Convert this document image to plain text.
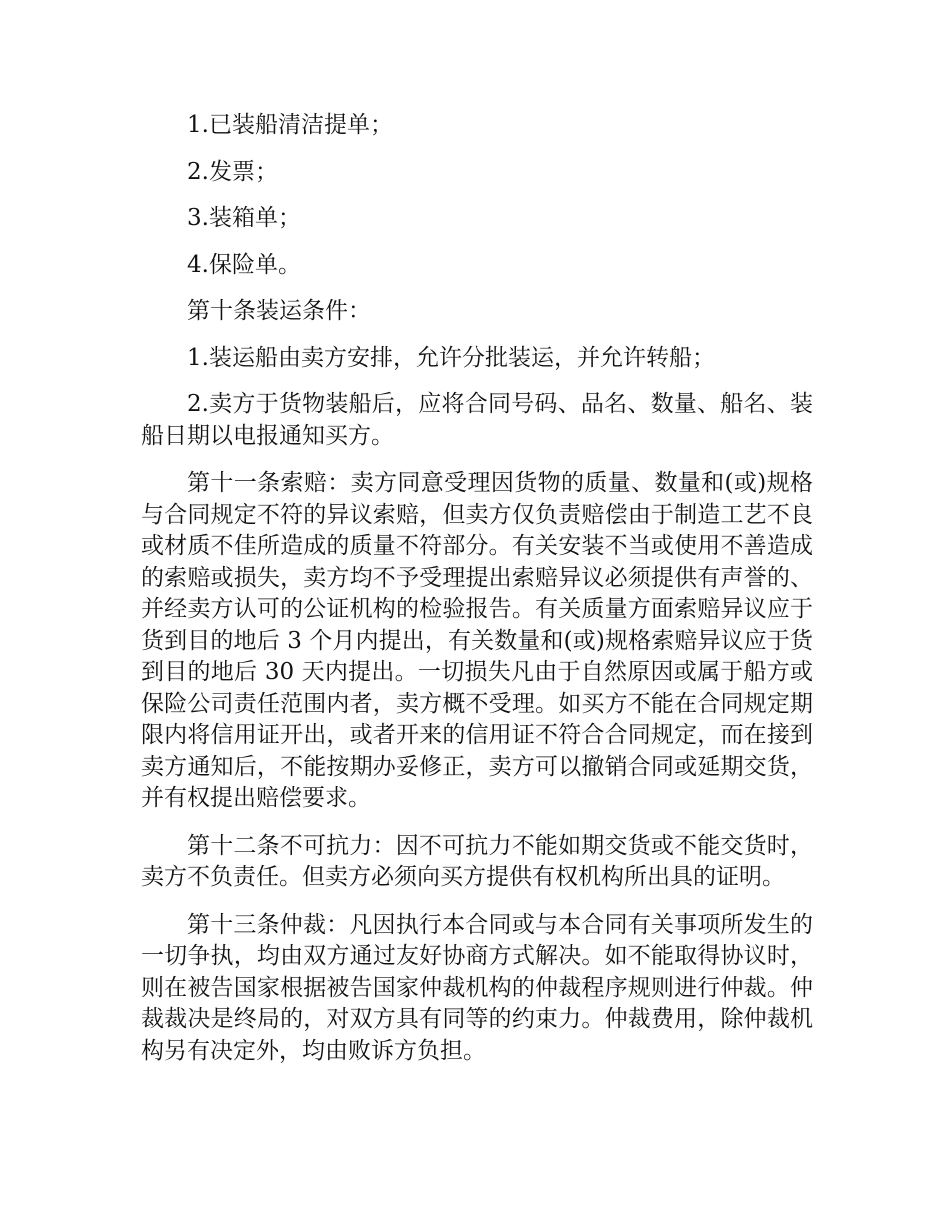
1.已装船清洁提单；

2.发票；

3.装箱单；

4.保险单。

第十条装运条件：

1.装运船由卖方安排，允许分批装运，并允许转船；

2.卖方于货物装船后，应将合同号码、品名、数量、船名、装船日期以电报通知买方。

第十一条索赔：卖方同意受理因货物的质量、数量和(或)规格与合同规定不符的异议索赔，但卖方仅负责赔偿由于制造工艺不良或材质不佳所造成的质量不符部分。有关安装不当或使用不善造成的索赔或损失，卖方均不予受理提出索赔异议必须提供有声誉的、并经卖方认可的公证机构的检验报告。有关质量方面索赔异议应于货到目的地后 3 个月内提出，有关数量和(或)规格索赔异议应于货到目的地后 30 天内提出。一切损失凡由于自然原因或属于船方或保险公司责任范围内者，卖方概不受理。如买方不能在合同规定期限内将信用证开出，或者开来的信用证不符合合同规定，而在接到卖方通知后，不能按期办妥修正，卖方可以撤销合同或延期交货，并有权提出赔偿要求。

第十二条不可抗力：因不可抗力不能如期交货或不能交货时，卖方不负责任。但卖方必须向买方提供有权机构所出具的证明。

第十三条仲裁：凡因执行本合同或与本合同有关事项所发生的一切争执，均由双方通过友好协商方式解决。如不能取得协议时，则在被告国家根据被告国家仲裁机构的仲裁程序规则进行仲裁。仲裁裁决是终局的，对双方具有同等的约束力。仲裁费用，除仲裁机构另有决定外，均由败诉方负担。
